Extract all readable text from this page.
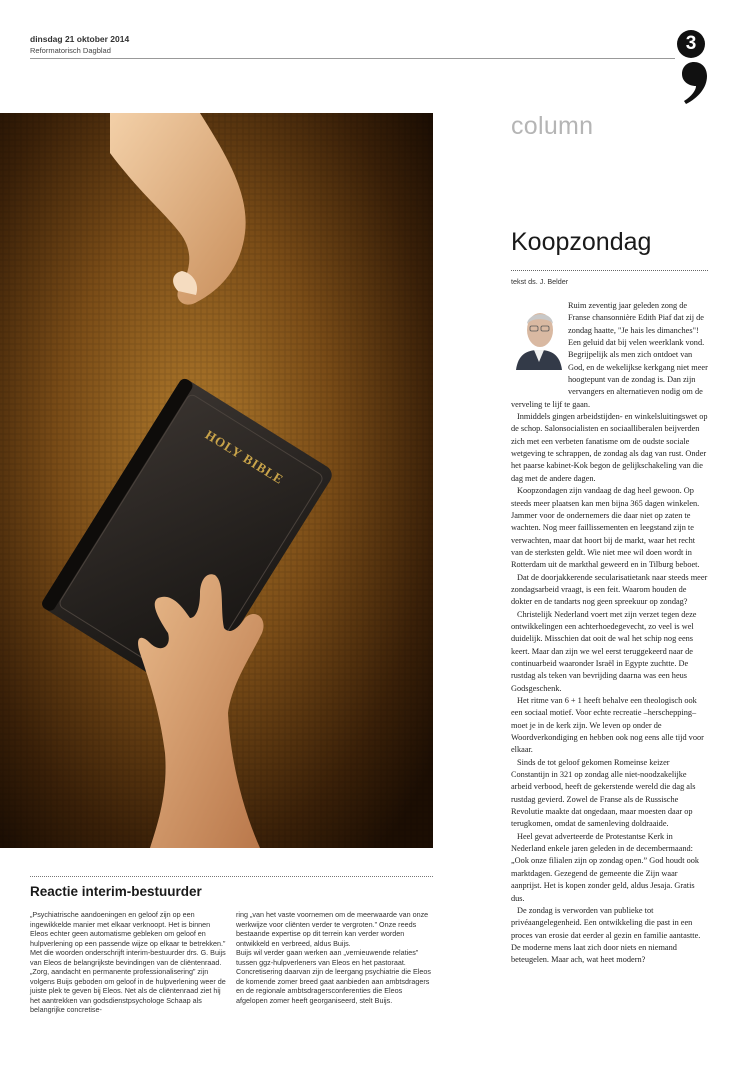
dinsdag 21 oktober 2014
Reformatorisch Dagblad	3
HOLY BIBLE
Reactie interim-bestuurder

„Psychiatrische aandoeningen en geloof zijn op een ingewikkelde manier met elkaar verknoopt. Het is binnen Eleos echter geen automatisme gebleken om geloof en hulpverlening op een passende wijze op elkaar te betrekken.” Met die woorden onderschrijft interim-bestuurder drs. G. Buijs van Eleos de belangrijkste bevindingen van de cliëntenraad.

„Zorg, aandacht en permanente professionalisering” zijn volgens Buijs geboden om geloof in de hulpverlening weer de juiste plek te geven bij Eleos. Net als de cliëntenraad ziet hij het aantrekken van godsdienstpsychologe Schaap als belangrijke concretise-

ring „van het vaste voornemen om de meerwaarde van onze werkwijze voor cliënten verder te vergroten.” Onze reeds bestaande expertise op dit terrein kan verder worden ontwikkeld en verbreed, aldus Buijs.

Buijs wil verder gaan werken aan „vernieuwende relaties” tussen ggz-hulpverleners van Eleos en het pastoraat. Concretisering daarvan zijn de leergang psychiatrie die Eleos de komende zomer breed gaat aanbieden aan ambtsdragers en de regionale ambtsdragersconferenties die Eleos afgelopen zomer heeft georganiseerd, stelt Buijs.

column
Koopzondag
tekst ds. J. Belder

Ruim zeventig jaar geleden zong de Franse chansonnière Edith Piaf dat zij de zondag haatte, "Je hais les dimanches"! Een geluid dat bij velen weerklank vond. Begrijpelijk als men zich ontdoet van God, en de wekelijkse kerkgang niet meer hoogtepunt van de zondag is. Dan zijn vervangers en alternatieven nodig om de verveling te lijf te gaan.

Inmiddels gingen arbeidstijden- en winkelsluitingswet op de schop. Salonsocialisten en sociaalliberalen beijverden zich met een verbeten fanatisme om de oudste sociale wetgeving te schrappen, de zondag als dag van rust. Onder het paarse kabinet-Kok begon de gelijkschakeling van die dag met de andere dagen.

Koopzondagen zijn vandaag de dag heel gewoon. Op steeds meer plaatsen kan men bijna 365 dagen winkelen. Jammer voor de ondernemers die daar niet op zaten te wachten. Nog meer faillissementen en leegstand zijn te verwachten, maar dat hoort bij de markt, waar het recht van de sterksten geldt. Wie niet mee wil doen wordt in Rotterdam uit de markthal geweerd en in Tilburg beboet.

Dat de doorjakkerende secularisatietank naar steeds meer zondagsarbeid vraagt, is een feit. Waarom houden de dokter en de tandarts nog geen spreekuur op zondag?

Christelijk Nederland voert met zijn verzet tegen deze ontwikkelingen een achterhoedegevecht, zo veel is wel duidelijk. Misschien dat ooit de wal het schip nog eens keert. Maar dan zijn we wel eerst teruggekeerd naar de continuarbeid waaronder Israël in Egypte zuchtte. De rustdag als teken van bevrijding daarna was een heus Godsgeschenk.

Het ritme van 6 + 1 heeft behalve een theologisch ook een sociaal motief. Voor echte recreatie –herschepping– moet je in de kerk zijn. We leven op onder de Woordverkondiging en hebben ook nog eens alle tijd voor elkaar.

Sinds de tot geloof gekomen Romeinse keizer Constantijn in 321 op zondag alle niet-noodzakelijke arbeid verbood, heeft de gekerstende wereld die dag als rustdag gevierd. Zowel de Franse als de Russische Revolutie maakte dat ongedaan, maar moesten daar op terugkomen, omdat de samenleving doldraaide.

Heel gevat adverteerde de Protestantse Kerk in Nederland enkele jaren geleden in de decembermaand: „Ook onze filialen zijn op zondag open.” God houdt ook marktdagen. Gezegend de gemeente die Zijn waar aanprijst. Het is kopen zonder geld, aldus Jesaja. Gratis dus.

De zondag is verworden van publieke tot privéaangelegenheid. Een ontwikkeling die past in een proces van erosie dat eerder al gezin en familie aantastte. De moderne mens laat zich door niets en niemand beteugelen. Maar ach, wat heet modern?
